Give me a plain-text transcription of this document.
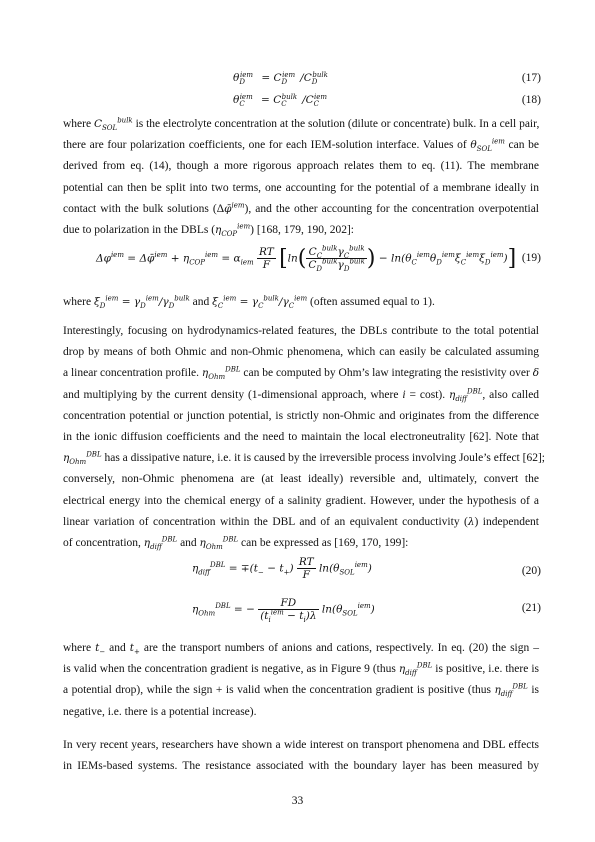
$\theta_D^{iem} = C_D^{iem}$ $/C_D^{bulk}$	(17)
$\theta_C^{iem} = C_C^{bulk}$ $/C_C^{iem}$	(18)
where $C_{SOL}^{bulk}$ is the electrolyte concentration at the solution (dilute or concentrate) bulk. In a cell pair,
there are four polarization coefficients, one for each IEM-solution interface. Values of $\theta_{SOL}^{iem}$ can be
derived from eq. (14), though a more rigorous approach relates them to eq. (11). The membrane
potential can then be split into two terms, one accounting for the potential of a membrane ideally in
contact with the bulk solutions (Δφ̄$^{iem}$), and the other accounting for the concentration overpotential
due to polarization in the DBLs $(\eta_{COP}^{iem})$ [168, 179, 190, 202]:
$\Delta\varphi^{iem}$ = Δφ̄$^{iem}$ + $\eta_{COP}^{iem} = \alpha_{iem} \frac{RT}{F} [\ln( \frac{C_C^{bulk}\gamma_C^{bulk}}{C_D^{bulk}\gamma_D^{bulk}}$ ) − $\ln(\theta_C^{iem}\theta_D^{iem}\xi_C^{iem}\xi_D^{iem})$] (19)
where $\xi_D^{iem} = \gamma_D^{iem}/\gamma_D^{bulk}$ and $\xi_C^{iem} = \gamma_C^{bulk}/\gamma_C^{iem}$ (often assumed equal to 1).
Interestingly, focusing on hydrodynamics-related features, the DBLs contribute to the total potential
drop by means of both Ohmic and non-Ohmic phenomena, which can easily be calculated assuming
a linear concentration profile. $\eta_{Ohm}^{DBL}$ can be computed by Ohm’s law integrating the resistivity over δ
and multiplying by the current density (1-dimensional approach, where i = cost). $\eta_{diff}^{DBL}$, also called
concentration potential or junction potential, is strictly non-Ohmic and originates from the difference
in the ionic diffusion coefficients and the need to maintain the local electroneutrality [62]. Note that
$\eta_{Ohm}^{DBL}$ has a dissipative nature, i.e. it is caused by the irreversible process involving Joule’s effect [62];
conversely, non-Ohmic phenomena are (at least ideally) reversible and, ultimately, convert the
electrical energy into the chemical energy of a salinity gradient. However, under the hypothesis of a
linear variation of concentration within the DBL and of an equivalent conductivity (λ) independent
of concentration, $\eta_{diff}^{DBL}$ and $\eta_{Ohm}^{DBL}$ can be expressed as [169, 170, 199]:
$\eta_{diff}^{DBL} = \mp(t_- - t_+) \frac{RT}{F} \ln(\theta_{SOL}^{iem})$	(20)
$\eta_{Ohm}^{DBL}$ = − $\frac{FD}{(t_i^{iem} - t_i)\lambda} \ln(\theta_{SOL}^{iem})$	(21)
where $t_-$ and $t_+$ are the transport numbers of anions and cations, respectively. In eq. (20) the sign –
is valid when the concentration gradient is negative, as in Figure 9 (thus $\eta_{diff}^{DBL}$ is positive, i.e. there is
a potential drop), while the sign + is valid when the concentration gradient is positive (thus $\eta_{diff}^{DBL}$ is
negative, i.e. there is a potential increase).
In very recent years, researchers have shown a wide interest on transport phenomena and DBL effects
in IEMs-based systems. The resistance associated with the boundary layer has been measured by
33
